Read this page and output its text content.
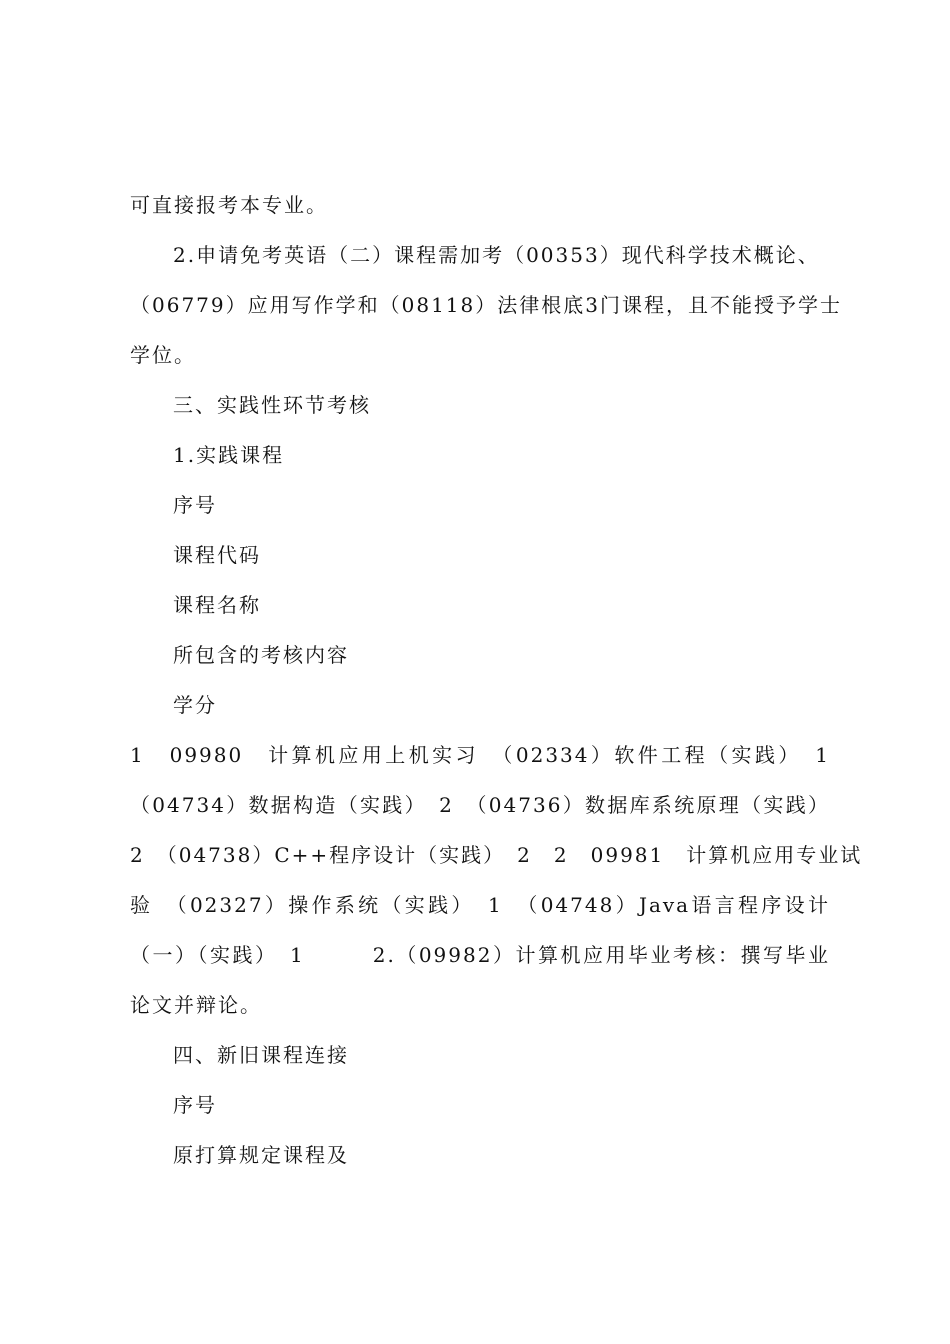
可直接报考本专业。
2.申请免考英语（二）课程需加考（00353）现代科学技术概论、
（06779）应用写作学和（08118）法律根底3门课程，且不能授予学士
学位。
三、实践性环节考核
1.实践课程
序号
课程代码
课程名称
所包含的考核内容
学分
1　09980　计算机应用上机实习　（02334）软件工程（实践）　1
（04734）数据构造（实践）　2　（04736）数据库系统原理（实践）
2　（04738）C++程序设计（实践）　2　2　09981　计算机应用专业试
验　（02327）操作系统（实践）　1　（04748）Java语言程序设计
（一）（实践）　1　　　2.（09982）计算机应用毕业考核：撰写毕业
论文并辩论。
四、新旧课程连接
序号
原打算规定课程及
